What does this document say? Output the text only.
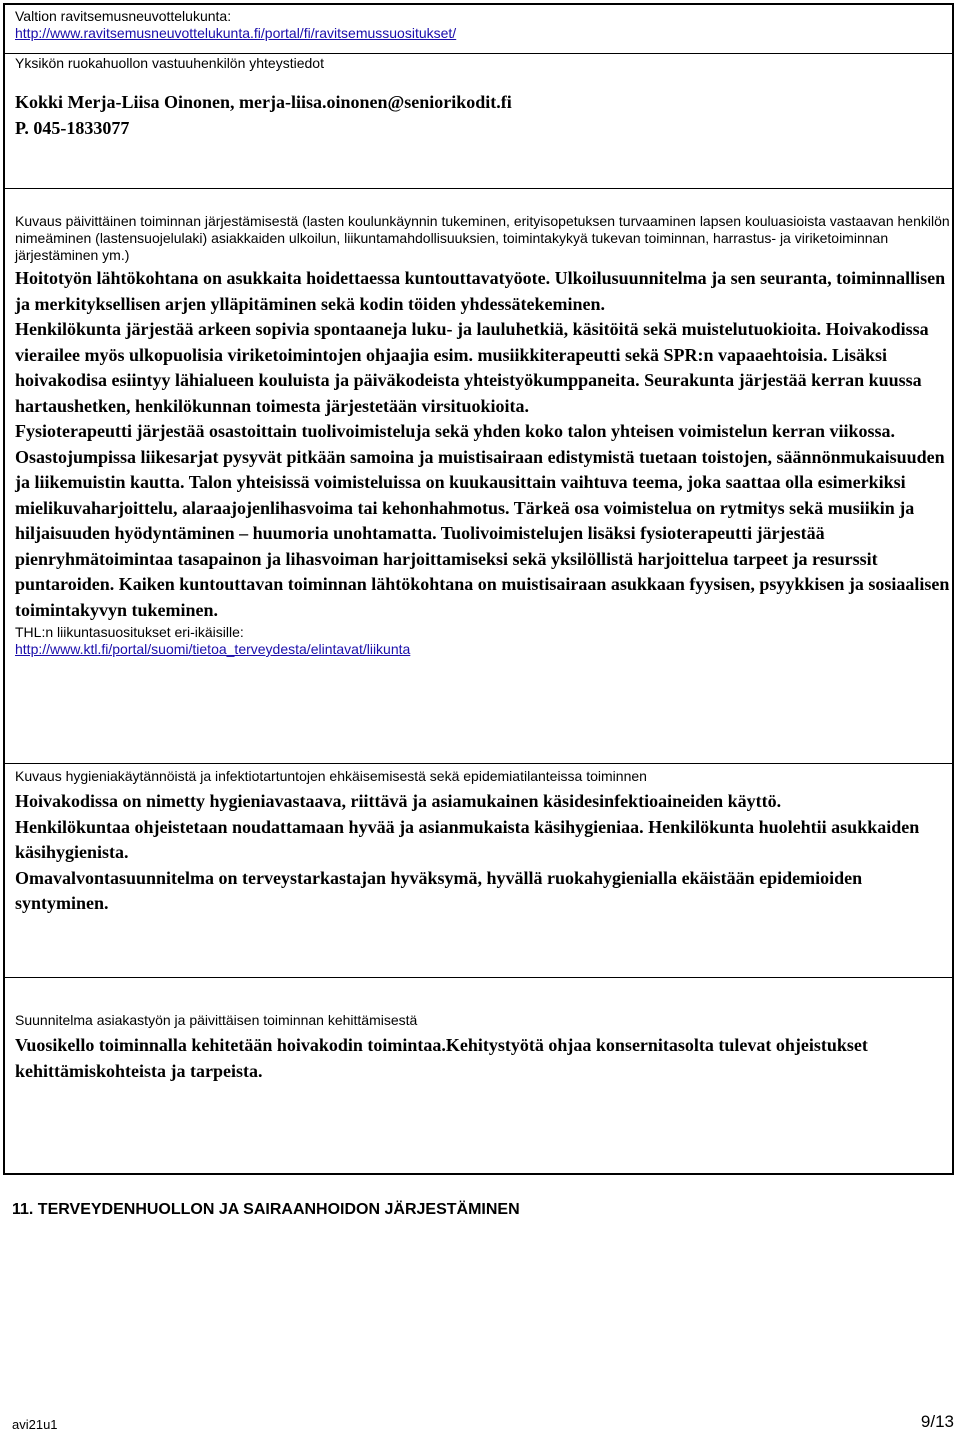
Valtion ravitsemusneuvottelukunta:
http://www.ravitsemusneuvottelukunta.fi/portal/fi/ravitsemussuositukset/
Yksikön ruokahuollon vastuuhenkilön yhteystiedot
Kokki Merja-Liisa Oinonen, merja-liisa.oinonen@seniorikodit.fi
P. 045-1833077
Kuvaus päivittäinen toiminnan järjestämisestä (lasten koulunkäynnin tukeminen, erityisopetuksen turvaaminen lapsen kouluasioista vastaavan henkilön nimeäminen (lastensuojelulaki) asiakkaiden ulkoilun, liikuntamahdollisuuksien, toimintakykyä tukevan toiminnan, harrastus- ja viriketoiminnan järjestäminen ym.)
Hoitotyön lähtökohtana on asukkaita hoidettaessa kuntouttavatyöote. Ulkoilusuunnitelma ja sen seuranta, toiminnallisen ja merkityksellisen arjen ylläpitäminen sekä kodin töiden yhdessätekeminen.
Henkilökunta järjestää arkeen sopivia spontaaneja luku- ja lauluhetkiä, käsitöitä sekä muistelutuokioita. Hoivakodissa vierailee myös ulkopuolisia viriketoimintojen ohjaajia esim. musiikkiterapeutti sekä SPR:n vapaaehtoisia. Lisäksi hoivakodisa esiintyy lähialueen kouluista ja päiväkodeista yhteistyökumppaneita. Seurakunta järjestää kerran kuussa hartaushetken, henkilökunnan toimesta järjestetään virsituokioita.
Fysioterapeutti järjestää osastoittain tuolivoimisteluja sekä yhden koko talon yhteisen voimistelun kerran viikossa. Osastojumpissa liikesarjat pysyvät pitkään samoina ja muistisairaan edistymistä tuetaan toistojen, säännönmukaisuuden ja liikemuistin kautta. Talon yhteisissä voimisteluissa on kuukausittain vaihtuva teema, joka saattaa olla esimerkiksi mielikuvaharjoittelu, alaraajojenlihasvoima tai kehonhahmotus. Tärkeä osa voimistelua on rytmitys sekä musiikin ja hiljaisuuden hyödyntäminen – huumoria unohtamatta. Tuolivoimistelujen lisäksi fysioterapeutti järjestää pienryhmätoimintaa tasapainon ja lihasvoiman harjoittamiseksi sekä yksilöllistä harjoittelua tarpeet ja resurssit puntaroiden. Kaiken kuntouttavan toiminnan lähtökohtana on muistisairaan asukkaan fyysisen, psyykkisen ja sosiaalisen toimintakyvyn tukeminen.
THL:n liikuntasuositukset eri-ikäisille:
http://www.ktl.fi/portal/suomi/tietoa_terveydesta/elintavat/liikunta
Kuvaus hygieniakäytännöistä ja infektiotartuntojen ehkäisemisestä sekä epidemiatilanteissa toiminnen
Hoivakodissa on nimetty hygieniavastaava, riittävä ja asiamukainen käsidesinfektioaineiden käyttö.
Henkilökuntaa ohjeistetaan noudattamaan hyvää ja asianmukaista käsihygieniaa. Henkilökunta huolehtii asukkaiden käsihygienista.
Omavalvontasuunnitelma on terveystarkastajan hyväksymä, hyvällä ruokahygienialla ekäistään epidemioiden syntyminen.
Suunnitelma asiakastyön ja päivittäisen toiminnan kehittämisestä
Vuosikello toiminnalla kehitetään hoivakodin toimintaa.Kehitystyötä ohjaa konsernitasolta tulevat ohjeistukset kehittämiskohteista ja tarpeista.
11. TERVEYDENHUOLLON JA SAIRAANHOIDON JÄRJESTÄMINEN
avi21u1	9/13
